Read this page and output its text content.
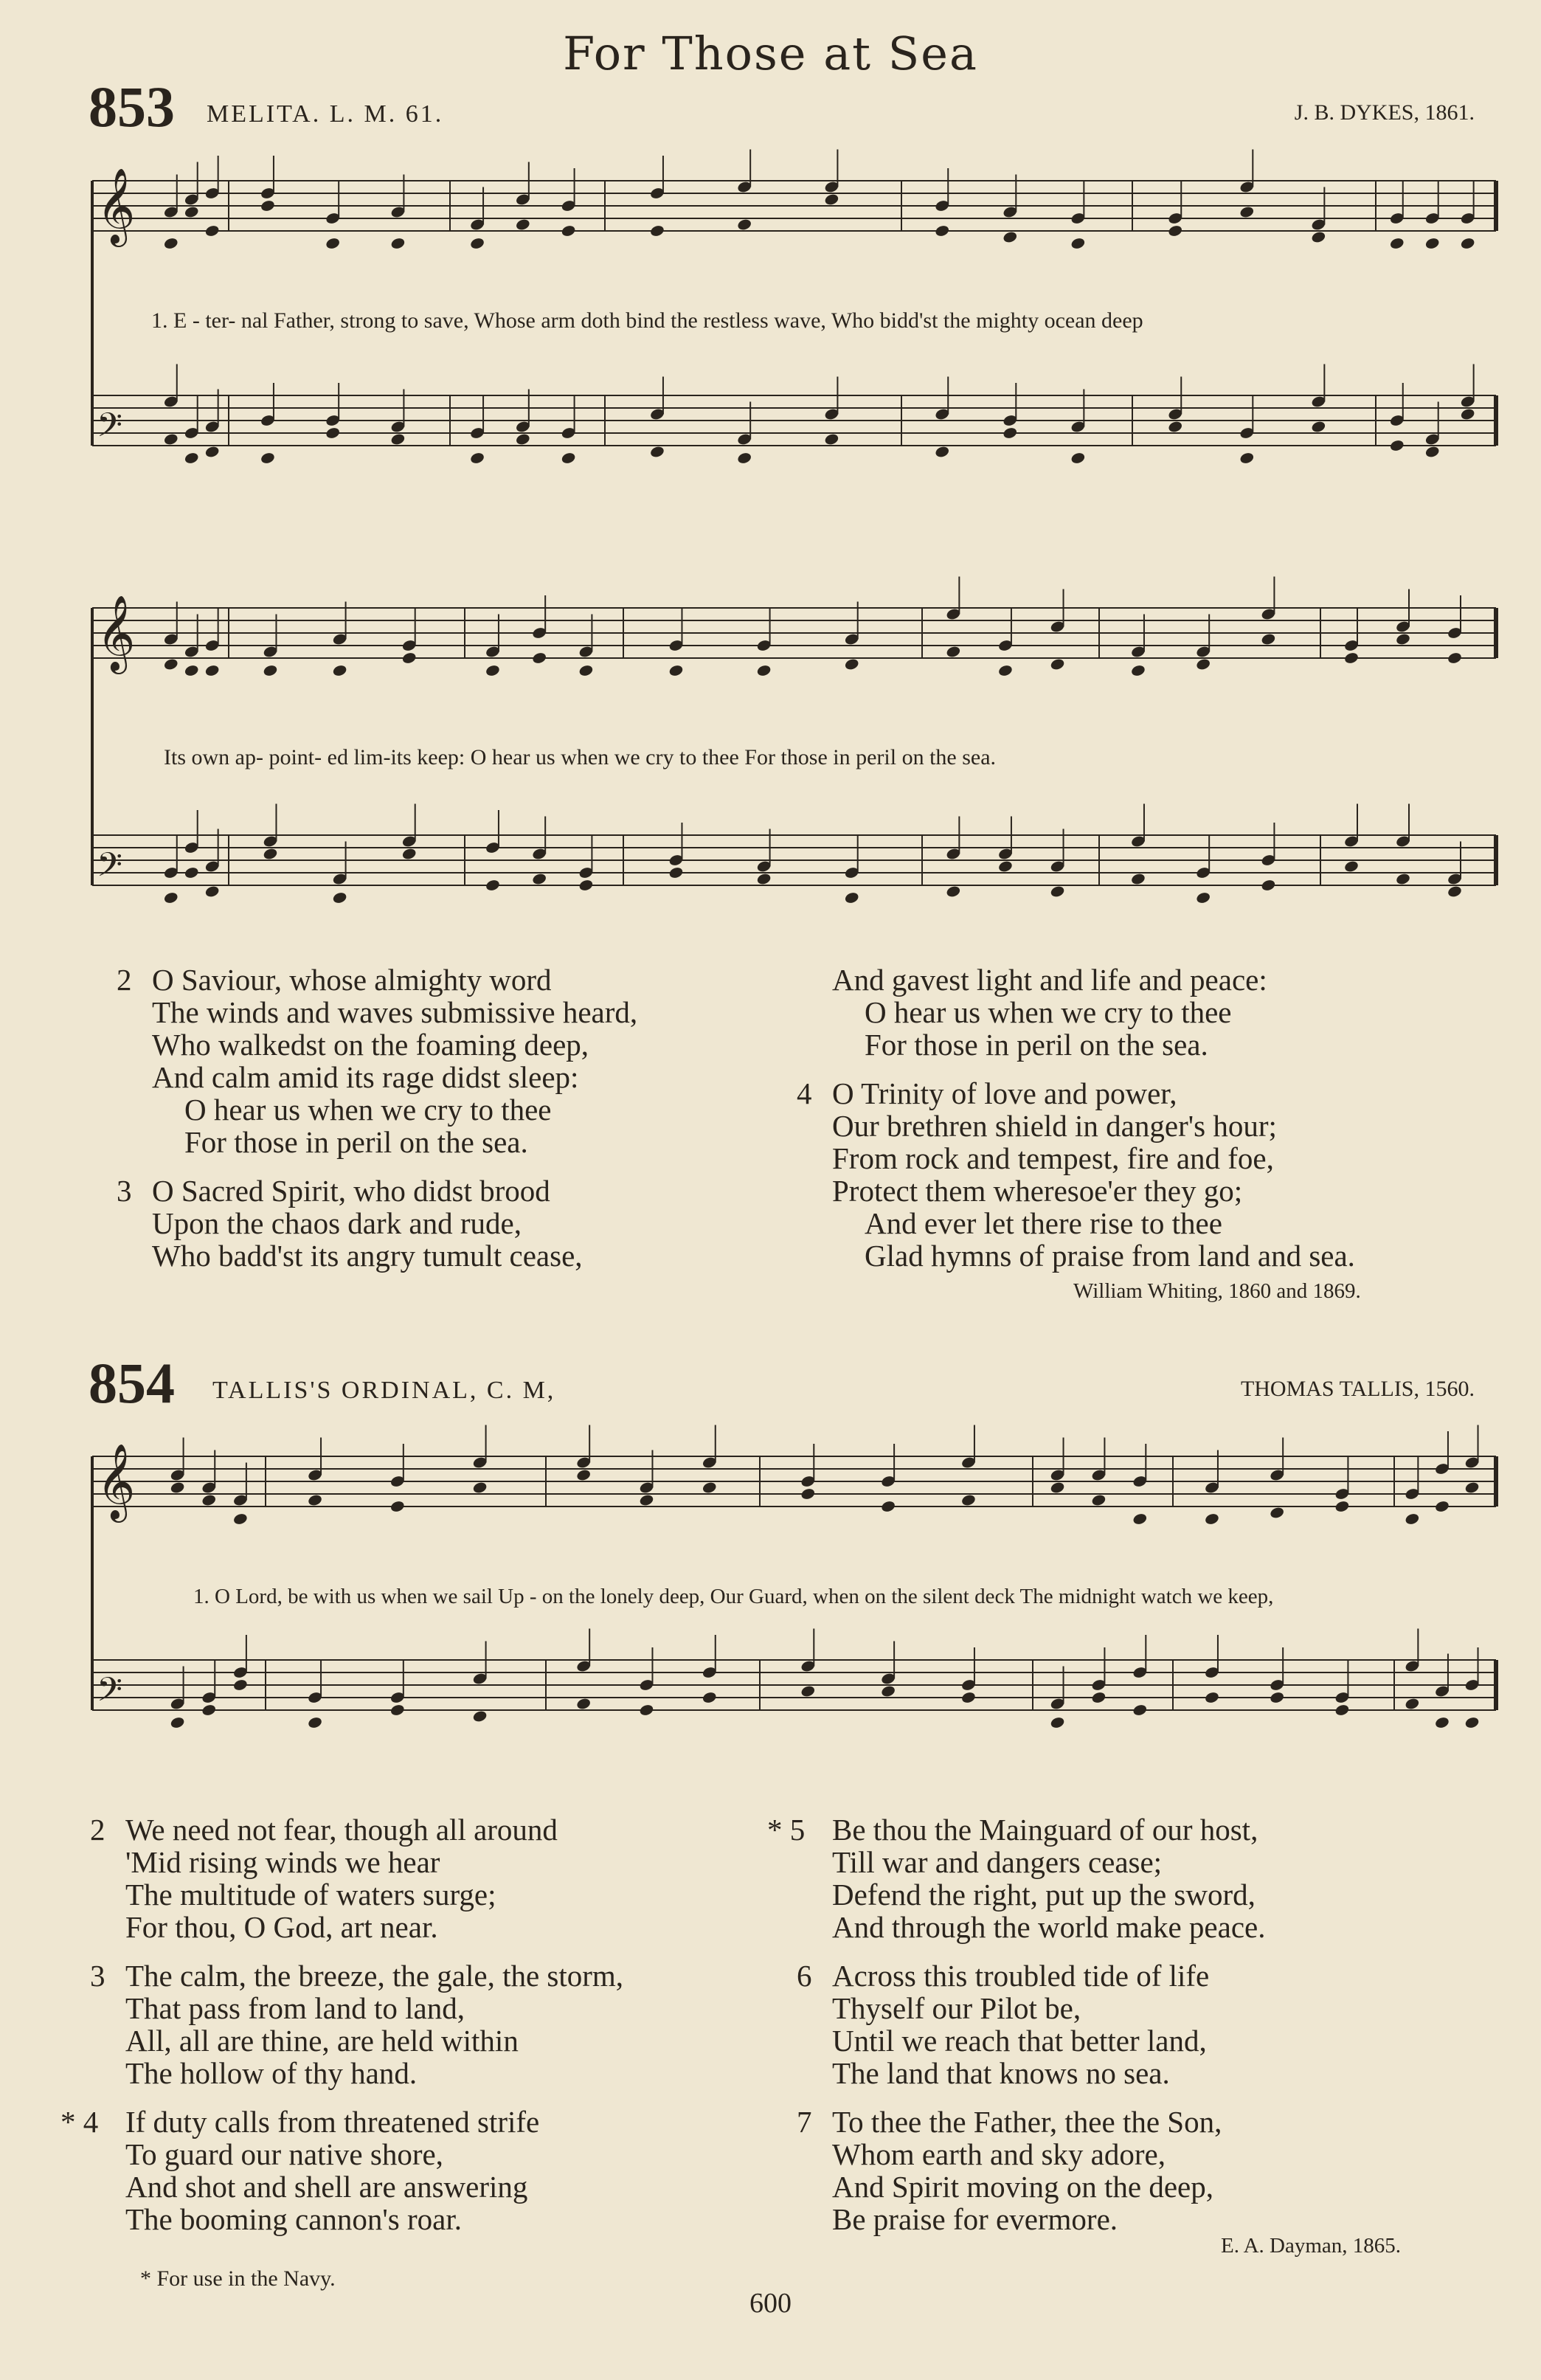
For Those at Sea
853 MELITA. L. M. 61.	J. B. DYKES, 1861.
𝄞
𝄢
𝄞
𝄢
𝄞
𝄢
1. E - ter- nal Father, strong to save, Whose arm doth bind the restless wave, Who bidd'st the mighty ocean deep
Its own ap- point- ed lim-its keep: O hear us when we cry to thee For those in peril on the sea.
2 O Saviour, whose almighty word
The winds and waves submissive heard,
Who walkedst on the foaming deep,
And calm amid its rage didst sleep:
O hear us when we cry to thee
For those in peril on the sea.
3 O Sacred Spirit, who didst brood
Upon the chaos dark and rude,
Who badd'st its angry tumult cease,
And gavest light and life and peace:
O hear us when we cry to thee
For those in peril on the sea.
4 O Trinity of love and power,
Our brethren shield in danger's hour;
From rock and tempest, fire and foe,
Protect them wheresoe'er they go;
And ever let there rise to thee
Glad hymns of praise from land and sea.
William Whiting, 1860 and 1869.
854 TALLIS'S ORDINAL, C. M,	THOMAS TALLIS, 1560.
1. O Lord, be with us when we sail Up - on the lonely deep, Our Guard, when on the silent deck The midnight watch we keep,
2 We need not fear, though all around
'Mid rising winds we hear
The multitude of waters surge;
For thou, O God, art near.
3 The calm, the breeze, the gale, the storm,
That pass from land to land,
All, all are thine, are held within
The hollow of thy hand.
* 4 If duty calls from threatened strife
To guard our native shore,
And shot and shell are answering
The booming cannon's roar.
* 5 Be thou the Mainguard of our host,
Till war and dangers cease;
Defend the right, put up the sword,
And through the world make peace.
6 Across this troubled tide of life
Thyself our Pilot be,
Until we reach that better land,
The land that knows no sea.
7 To thee the Father, thee the Son,
Whom earth and sky adore,
And Spirit moving on the deep,
Be praise for evermore.
E. A. Dayman, 1865.
* For use in the Navy.
600
